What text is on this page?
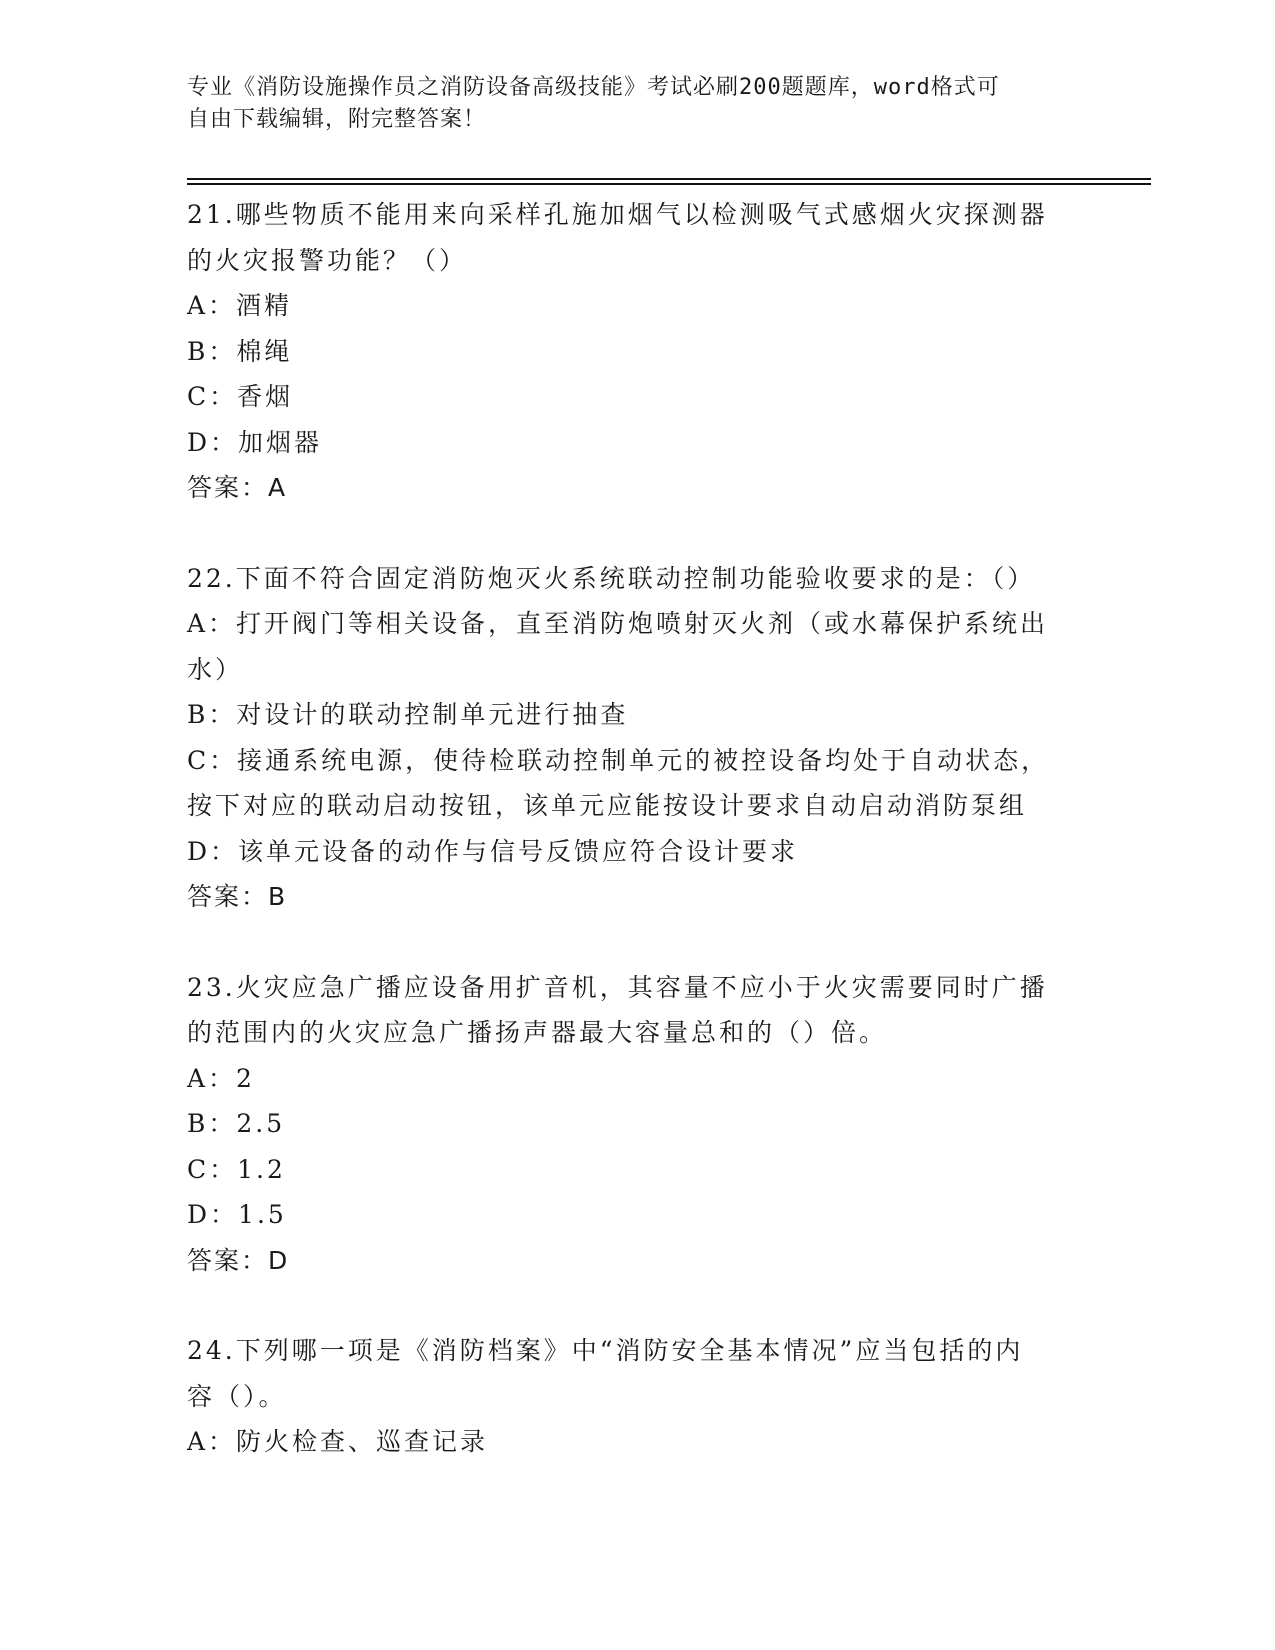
专业《消防设施操作员之消防设备高级技能》考试必刷200题题库，word格式可

自由下载编辑，附完整答案！

21.哪些物质不能用来向采样孔施加烟气以检测吸气式感烟火灾探测器

的火灾报警功能？（）

A：酒精

B：棉绳

C：香烟

D：加烟器

答案：A

22.下面不符合固定消防炮灭火系统联动控制功能验收要求的是：（）

A：打开阀门等相关设备，直至消防炮喷射灭火剂（或水幕保护系统出

水）

B：对设计的联动控制单元进行抽查

C：接通系统电源，使待检联动控制单元的被控设备均处于自动状态，

按下对应的联动启动按钮，该单元应能按设计要求自动启动消防泵组

D：该单元设备的动作与信号反馈应符合设计要求

答案：B

23.火灾应急广播应设备用扩音机，其容量不应小于火灾需要同时广播

的范围内的火灾应急广播扬声器最大容量总和的（）倍。

A：2

B：2.5

C：1.2

D：1.5

答案：D

24.下列哪一项是《消防档案》中“消防安全基本情况”应当包括的内

容（）。

A：防火检查、巡查记录
